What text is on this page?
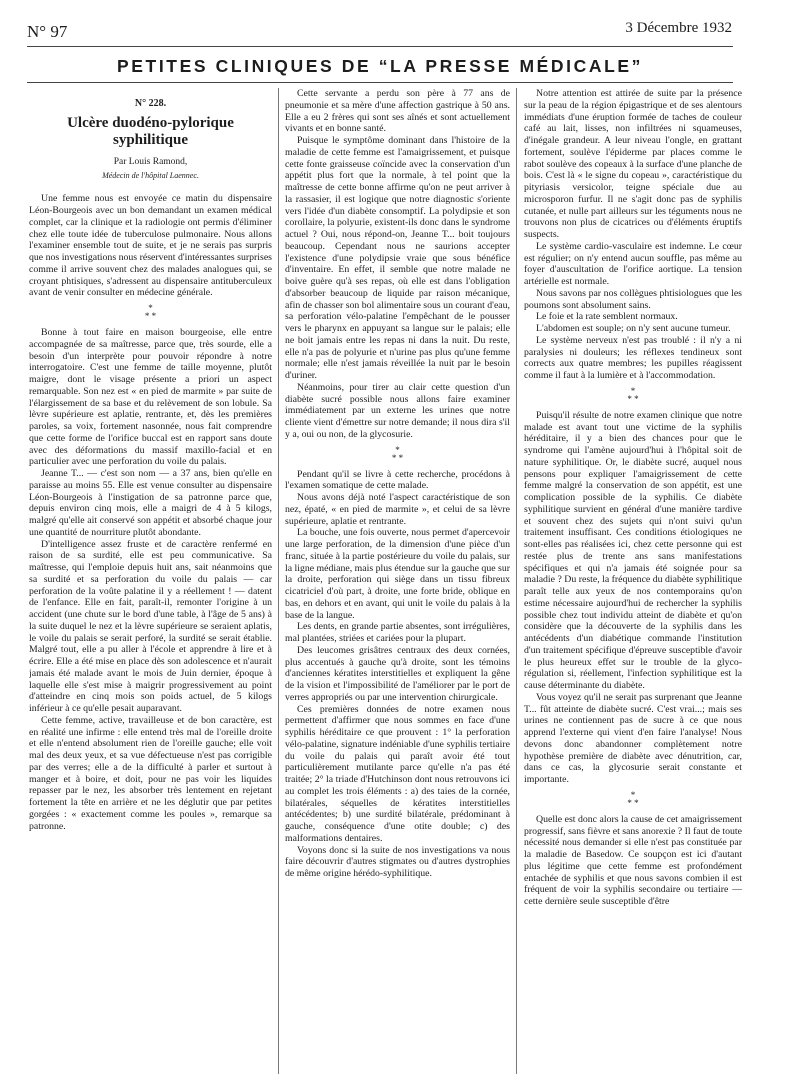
N° 97	3 Décembre 1932
PETITES CLINIQUES DE “LA PRESSE MÉDICALE”
N° 228.
Ulcère duodéno-pylorique
syphilitique
Par Louis Ramond,
Médecin de l'hôpital Laennec.

Une femme nous est envoyée ce matin du dispensaire Léon-Bourgeois avec un bon demandant un examen médical complet, car la clinique et la radiologie ont permis d'éliminer chez elle toute idée de tuberculose pulmonaire. Nous allons l'examiner ensemble tout de suite, et je ne serais pas surpris que nos investigations nous réservent d'intéressantes surprises comme il arrive souvent chez des malades analogues qui, se croyant phtisiques, s'adressent au dispensaire antituberculeux avant de venir consulter en médecine générale.

*
* *

Bonne à tout faire en maison bourgeoise, elle entre accompagnée de sa maîtresse, parce que, très sourde, elle a besoin d'un interprète pour pouvoir répondre à notre interrogatoire. C'est une femme de taille moyenne, plutôt maigre, dont le visage présente a priori un aspect remarquable. Son nez est « en pied de marmite » par suite de l'élargissement de sa base et du relèvement de son lobule. Sa lèvre supérieure est aplatie, rentrante, et, dès les premières paroles, sa voix, fortement nasonnée, nous fait comprendre que cette forme de l'orifice buccal est en rapport sans doute avec des déformations du massif maxillo-facial et en particulier avec une perforation du voile du palais.

Jeanne T... — c'est son nom — a 37 ans, bien qu'elle en paraisse au moins 55. Elle est venue consulter au dispensaire Léon-Bourgeois à l'instigation de sa patronne parce que, depuis environ cinq mois, elle a maigri de 4 à 5 kilogs, malgré qu'elle ait conservé son appétit et absorbé chaque jour une quantité de nourriture plutôt abondante.

D'intelligence assez fruste et de caractère renfermé en raison de sa surdité, elle est peu communicative. Sa maîtresse, qui l'emploie depuis huit ans, sait néanmoins que sa surdité et sa perforation du voile du palais — car perforation de la voûte palatine il y a réellement ! — datent de l'enfance. Elle en fait, paraît-il, remonter l'origine à un accident (une chute sur le bord d'une table, à l'âge de 5 ans) à la suite duquel le nez et la lèvre supérieure se seraient aplatis, le voile du palais se serait perforé, la surdité se serait établie. Malgré tout, elle a pu aller à l'école et apprendre à lire et à écrire. Elle a été mise en place dès son adolescence et n'aurait jamais été malade avant le mois de Juin dernier, époque à laquelle elle s'est mise à maigrir progressivement au point d'atteindre en cinq mois son poids actuel, de 5 kilogs inférieur à ce qu'elle pesait auparavant.

Cette femme, active, travailleuse et de bon caractère, est en réalité une infirme : elle entend très mal de l'oreille droite et elle n'entend absolument rien de l'oreille gauche; elle voit mal des deux yeux, et sa vue défectueuse n'est pas corrigible par des verres; elle a de la difficulté à parler et surtout à manger et à boire, et doit, pour ne pas voir les liquides repasser par le nez, les absorber très lentement en rejetant fortement la tête en arrière et ne les déglutir que par petites gorgées : « exactement comme les poules », remarque sa patronne.

Cette servante a perdu son père à 77 ans de pneumonie et sa mère d'une affection gastrique à 50 ans. Elle a eu 2 frères qui sont ses aînés et sont actuellement vivants et en bonne santé.

Puisque le symptôme dominant dans l'histoire de la maladie de cette femme est l'amaigrissement, et puisque cette fonte graisseuse coïncide avec la conservation d'un appétit plus fort que la normale, à tel point que la maîtresse de cette bonne affirme qu'on ne peut arriver à la rassasier, il est logique que notre diagnostic s'oriente vers l'idée d'un diabète consomptif. La polydipsie et son corollaire, la polyurie, existent-ils donc dans le syndrome actuel ? Oui, nous répond-on, Jeanne T... boit toujours beaucoup. Cependant nous ne saurions accepter l'existence d'une polydipsie vraie que sous bénéfice d'inventaire. En effet, il semble que notre malade ne boive guère qu'à ses repas, où elle est dans l'obligation d'absorber beaucoup de liquide par raison mécanique, afin de chasser son bol alimentaire sous un courant d'eau, sa perforation vélo-palatine l'empêchant de le pousser vers le pharynx en appuyant sa langue sur le palais; elle ne boit jamais entre les repas ni dans la nuit. Du reste, elle n'a pas de polyurie et n'urine pas plus qu'une femme normale; elle n'est jamais réveillée la nuit par le besoin d'uriner.

Néanmoins, pour tirer au clair cette question d'un diabète sucré possible nous allons faire examiner immédiatement par un externe les urines que notre cliente vient d'émettre sur notre demande; il nous dira s'il y a, oui ou non, de la glycosurie.

*
* *

Pendant qu'il se livre à cette recherche, procédons à l'examen somatique de cette malade.

Nous avons déjà noté l'aspect caractéristique de son nez, épaté, « en pied de marmite », et celui de sa lèvre supérieure, aplatie et rentrante.

La bouche, une fois ouverte, nous permet d'apercevoir une large perforation, de la dimension d'une pièce d'un franc, située à la partie postérieure du voile du palais, sur la ligne médiane, mais plus étendue sur la gauche que sur la droite, perforation qui siège dans un tissu fibreux cicatriciel d'où part, à droite, une forte bride, oblique en bas, en dehors et en avant, qui unit le voile du palais à la base de la langue.

Les dents, en grande partie absentes, sont irrégulières, mal plantées, striées et cariées pour la plupart.

Des leucomes grisâtres centraux des deux cornées, plus accentués à gauche qu'à droite, sont les témoins d'anciennes kératites interstitielles et expliquent la gêne de la vision et l'impossibilité de l'améliorer par le port de verres appropriés ou par une intervention chirurgicale.

Ces premières données de notre examen nous permettent d'affirmer que nous sommes en face d'une syphilis héréditaire ce que prouvent : 1° la perforation vélo-palatine, signature indéniable d'une syphilis tertiaire du voile du palais qui paraît avoir été tout particulièrement mutilante parce qu'elle n'a pas été traitée; 2° la triade d'Hutchinson dont nous retrouvons ici au complet les trois éléments : a) des taies de la cornée, bilatérales, séquelles de kératites interstitielles antécédentes; b) une surdité bilatérale, prédominant à gauche, conséquence d'une otite double; c) des malformations dentaires.

Voyons donc si la suite de nos investigations va nous faire découvrir d'autres stigmates ou d'autres dystrophies de même origine hérédo-syphilitique.

Notre attention est attirée de suite par la présence sur la peau de la région épigastrique et de ses alentours immédiats d'une éruption formée de taches de couleur café au lait, lisses, non infiltrées ni squameuses, d'inégale grandeur. A leur niveau l'ongle, en grattant fortement, soulève l'épiderme par places comme le rabot soulève des copeaux à la surface d'une planche de bois. C'est là « le signe du copeau », caractéristique du pityriasis versicolor, teigne spéciale due au microsporon furfur. Il ne s'agit donc pas de syphilis cutanée, et nulle part ailleurs sur les téguments nous ne trouvons non plus de cicatrices ou d'éléments éruptifs suspects.

Le système cardio-vasculaire est indemne. Le cœur est régulier; on n'y entend aucun souffle, pas même au foyer d'auscultation de l'orifice aortique. La tension artérielle est normale.

Nous savons par nos collègues phtisiologues que les poumons sont absolument sains.

Le foie et la rate semblent normaux.

L'abdomen est souple; on n'y sent aucune tumeur.

Le système nerveux n'est pas troublé : il n'y a ni paralysies ni douleurs; les réflexes tendineux sont corrects aux quatre membres; les pupilles réagissent comme il faut à la lumière et à l'accommodation.

*
* *

Puisqu'il résulte de notre examen clinique que notre malade est avant tout une victime de la syphilis héréditaire, il y a bien des chances pour que le syndrome qui l'amène aujourd'hui à l'hôpital soit de nature syphilitique. Or, le diabète sucré, auquel nous pensons pour expliquer l'amaigrissement de cette femme malgré la conservation de son appétit, est une complication possible de la syphilis. Ce diabète syphilitique survient en général d'une manière tardive et souvent chez des sujets qui n'ont suivi qu'un traitement insuffisant. Ces conditions étiologiques ne sont-elles pas réalisées ici, chez cette personne qui est restée plus de trente ans sans manifestations spécifiques et qui n'a jamais été soignée pour sa maladie ? Du reste, la fréquence du diabète syphilitique paraît telle aux yeux de nos contemporains qu'on estime nécessaire aujourd'hui de rechercher la syphilis possible chez tout individu atteint de diabète et qu'on considère que la découverte de la syphilis dans les antécédents d'un diabétique commande l'institution d'un traitement spécifique d'épreuve susceptible d'avoir le plus heureux effet sur le trouble de la glyco-régulation si, réellement, l'infection syphilitique est la cause déterminante du diabète.

Vous voyez qu'il ne serait pas surprenant que Jeanne T... fût atteinte de diabète sucré. C'est vrai...; mais ses urines ne contiennent pas de sucre à ce que nous apprend l'externe qui vient d'en faire l'analyse! Nous devons donc abandonner complètement notre hypothèse première de diabète avec dénutrition, car, dans ce cas, la glycosurie serait constante et importante.

*
* *

Quelle est donc alors la cause de cet amaigrissement progressif, sans fièvre et sans anorexie ? Il faut de toute nécessité nous demander si elle n'est pas constituée par la maladie de Basedow. Ce soupçon est ici d'autant plus légitime que cette femme est profondément entachée de syphilis et que nous savons combien il est fréquent de voir la syphilis secondaire ou tertiaire — cette dernière seule susceptible d'être
